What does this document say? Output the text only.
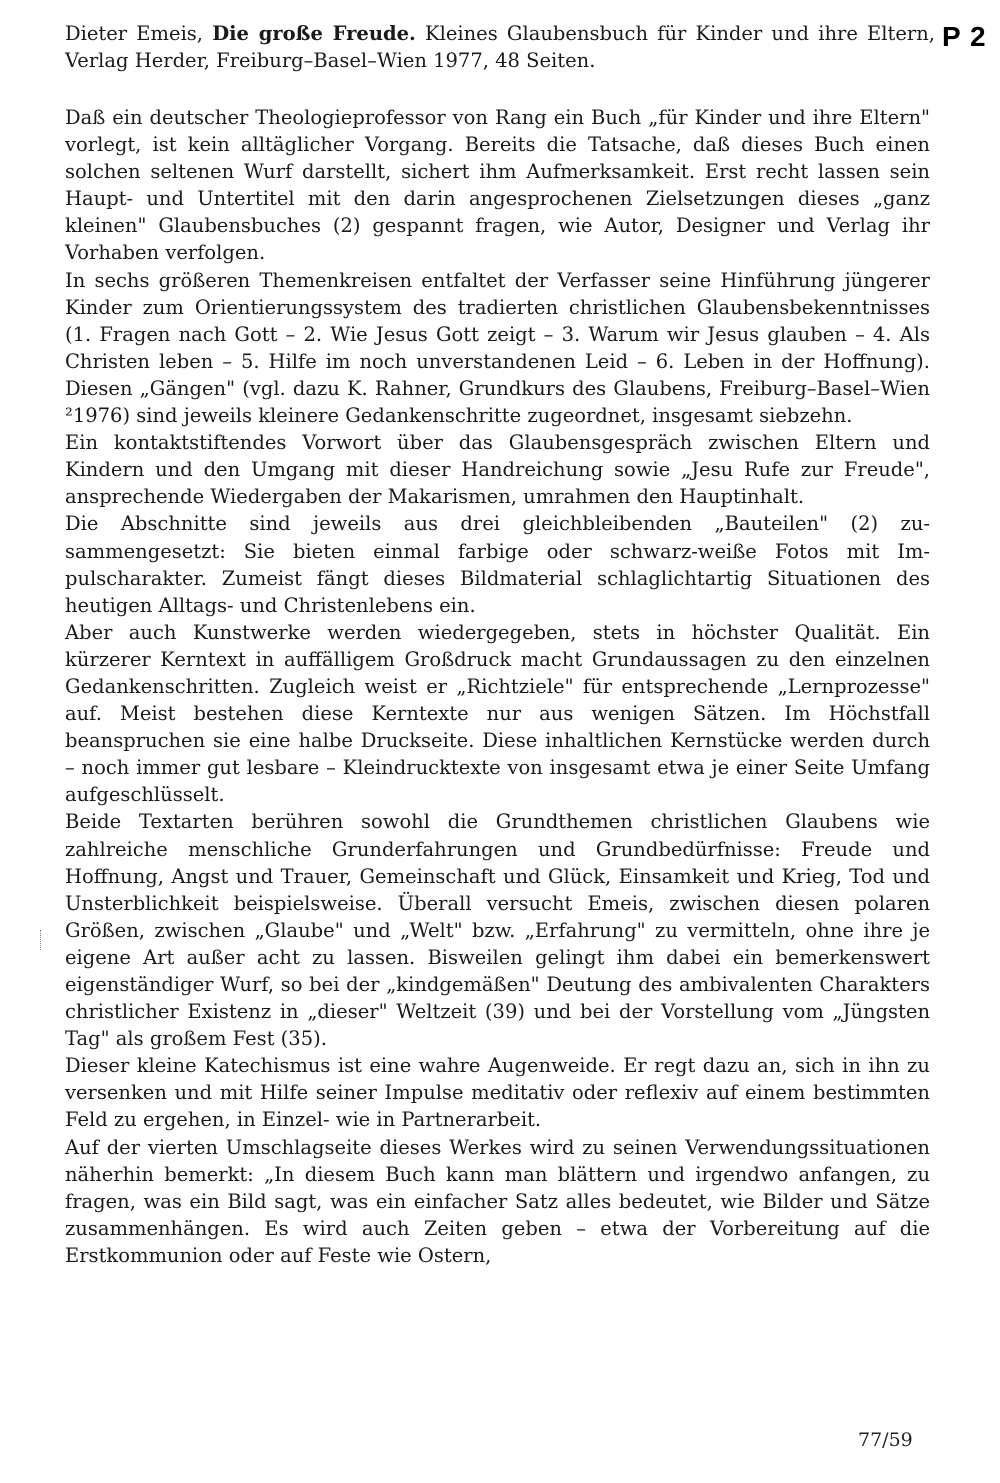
Dieter Emeis, Die große Freude. Kleines Glaubensbuch für Kinder und ihre Eltern, Verlag Herder, Freiburg–Basel–Wien 1977, 48 Seiten.
P 2

Daß ein deutscher Theologieprofessor von Rang ein Buch „für Kinder und ihre Eltern" vorlegt, ist kein alltäglicher Vorgang. Bereits die Tatsache, daß dieses Buch einen solchen seltenen Wurf darstellt, sichert ihm Aufmerksamkeit. Erst recht lassen sein Haupt- und Untertitel mit den darin angesprochenen Zielsetzungen dieses „ganz kleinen" Glaubensbuches (2) gespannt fragen, wie Autor, Designer und Verlag ihr Vorhaben verfolgen.

In sechs größeren Themenkreisen entfaltet der Verfasser seine Hinführung jüngerer Kinder zum Orientierungssystem des tradierten christlichen Glaubensbekenntnisses (1. Fragen nach Gott – 2. Wie Jesus Gott zeigt – 3. Warum wir Jesus glauben – 4. Als Christen leben – 5. Hilfe im noch unverstandenen Leid – 6. Leben in der Hoffnung). Diesen „Gängen" (vgl. dazu K. Rahner, Grundkurs des Glaubens, Freiburg–Basel–Wien ²1976) sind jeweils kleinere Gedankenschritte zugeordnet, insgesamt siebzehn.

Ein kontaktstiftendes Vorwort über das Glaubensgespräch zwischen Eltern und Kindern und den Umgang mit dieser Handreichung sowie „Jesu Rufe zur Freude", ansprechende Wiedergaben der Makarismen, umrahmen den Hauptinhalt.

Die Abschnitte sind jeweils aus drei gleichbleibenden „Bauteilen" (2) zusammengesetzt: Sie bieten einmal farbige oder schwarz-weiße Fotos mit Impulscharakter. Zumeist fängt dieses Bildmaterial schlaglichtartig Situationen des heutigen Alltags- und Christenlebens ein.

Aber auch Kunstwerke werden wiedergegeben, stets in höchster Qualität. Ein kürzerer Kerntext in auffälligem Großdruck macht Grundaussagen zu den einzelnen Gedankenschritten. Zugleich weist er „Richtziele" für entsprechende „Lernprozesse" auf. Meist bestehen diese Kerntexte nur aus wenigen Sätzen. Im Höchstfall beanspruchen sie eine halbe Druckseite. Diese inhaltlichen Kernstücke werden durch – noch immer gut lesbare – Kleindrucktexte von insgesamt etwa je einer Seite Umfang aufgeschlüsselt.

Beide Textarten berühren sowohl die Grundthemen christlichen Glaubens wie zahlreiche menschliche Grunderfahrungen und Grundbedürfnisse: Freude und Hoffnung, Angst und Trauer, Gemeinschaft und Glück, Einsamkeit und Krieg, Tod und Unsterblichkeit beispielsweise. Überall versucht Emeis, zwischen diesen polaren Größen, zwischen „Glaube" und „Welt" bzw. „Erfahrung" zu vermitteln, ohne ihre je eigene Art außer acht zu lassen. Bisweilen gelingt ihm dabei ein bemerkenswert eigenständiger Wurf, so bei der „kindgemäßen" Deutung des ambivalenten Charakters christlicher Existenz in „dieser" Weltzeit (39) und bei der Vorstellung vom „Jüngsten Tag" als großem Fest (35).

Dieser kleine Katechismus ist eine wahre Augenweide. Er regt dazu an, sich in ihn zu versenken und mit Hilfe seiner Impulse meditativ oder reflexiv auf einem bestimmten Feld zu ergehen, in Einzel- wie in Partnerarbeit.

Auf der vierten Umschlagseite dieses Werkes wird zu seinen Verwendungssituationen näherhin bemerkt: „In diesem Buch kann man blättern und irgendwo anfangen, zu fragen, was ein Bild sagt, was ein einfacher Satz alles bedeutet, wie Bilder und Sätze zusammenhängen. Es wird auch Zeiten geben – etwa der Vorbereitung auf die Erstkommunion oder auf Feste wie Ostern,

77/59
